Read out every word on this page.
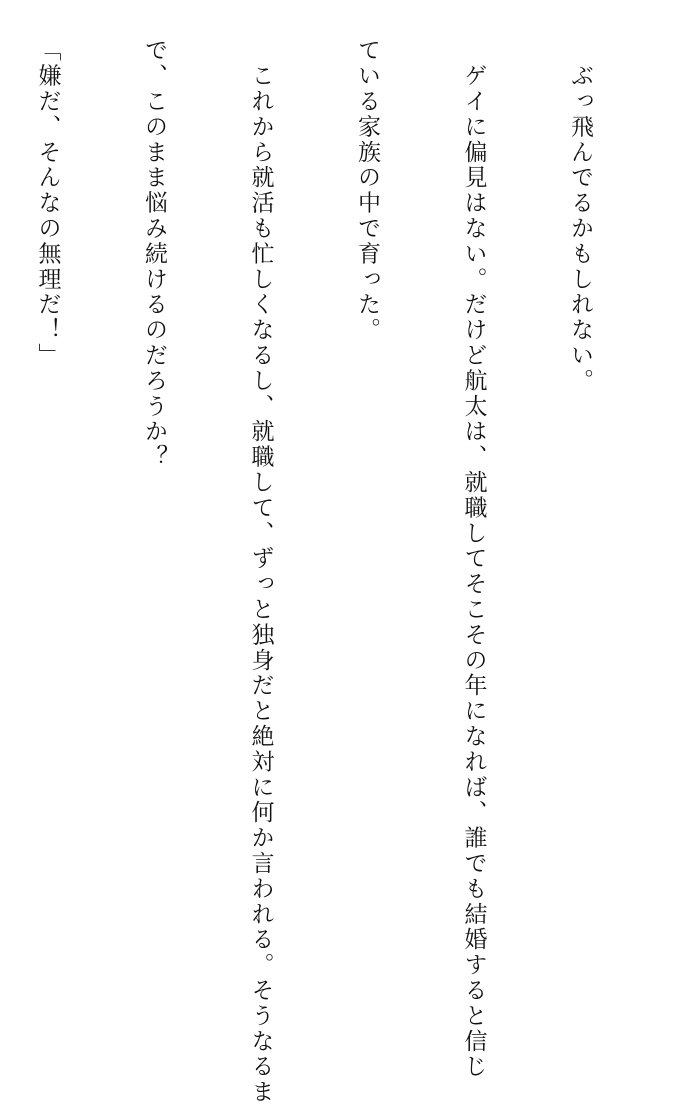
　ぶっ飛んでるかもしれない。

　ゲイに偏見はない。だけど航太は、就職してそこその年になれば、誰でも結婚すると信じ

ている家族の中で育った。

　これから就活も忙しくなるし、就職して、ずっと独身だと絶対に何か言われる。そうなるま

で、このまま悩み続けるのだろうか？

「嫌だ、そんなの無理だ！」
